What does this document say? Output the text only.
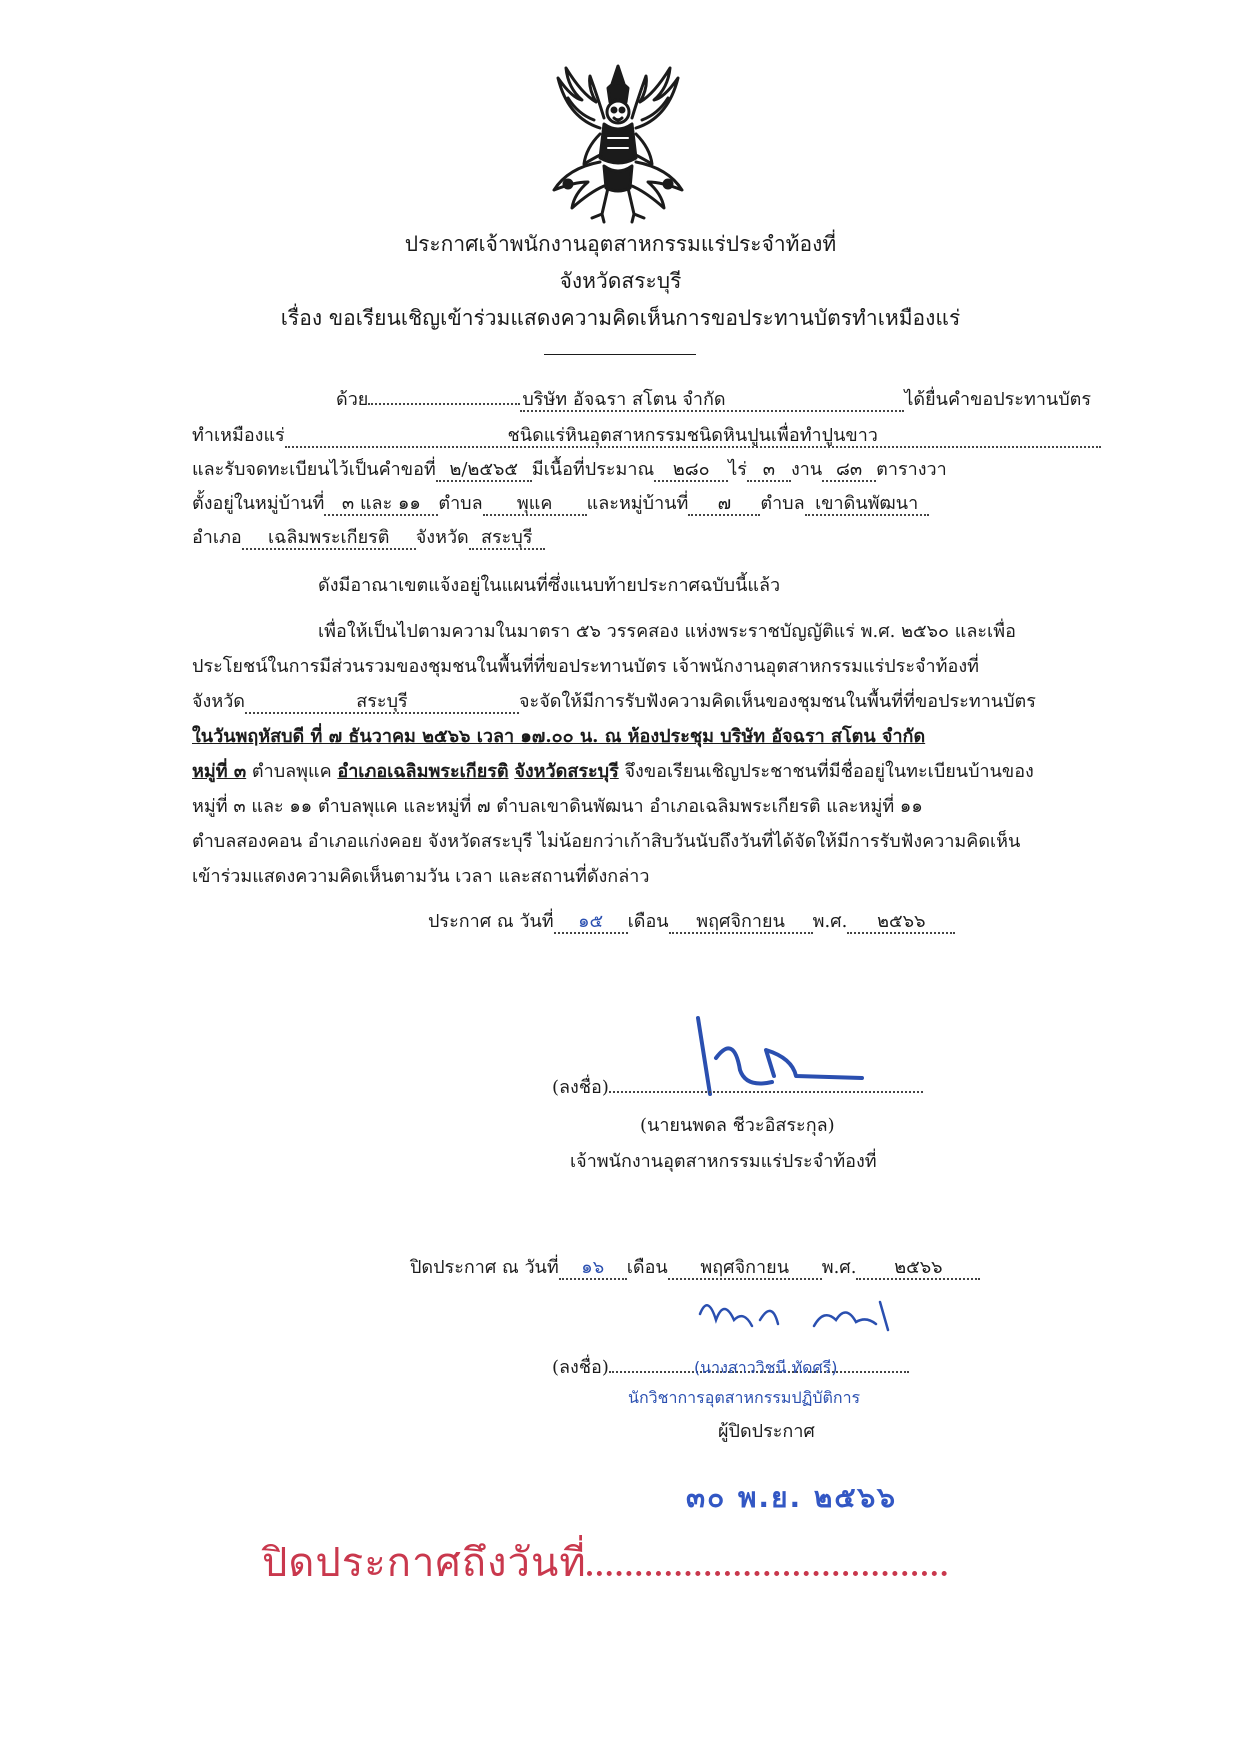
ประกาศเจ้าพนักงานอุตสาหกรรมแร่ประจำท้องที่
จังหวัดสระบุรี
เรื่อง ขอเรียนเชิญเข้าร่วมแสดงความคิดเห็นการขอประทานบัตรทำเหมืองแร่
ด้วย	บริษัท อัจฉรา สโตน จำกัด	ได้ยื่นคำขอประทานบัตร
ทำเหมืองแร่	ชนิดแร่หินอุตสาหกรรมชนิดหินปูนเพื่อทำปูนขาว
และรับจดทะเบียนไว้เป็นคำขอที่ ๒/๒๕๖๕ มีเนื้อที่ประมาณ ๒๘๐ ไร่ ๓ งาน ๘๓ ตารางวา
ตั้งอยู่ในหมู่บ้านที่ ๓ และ ๑๑ ตำบล พุแค และหมู่บ้านที่ ๗ ตำบล เขาดินพัฒนา
อำเภอ เฉลิมพระเกียรติ จังหวัด สระบุรี
ดังมีอาณาเขตแจ้งอยู่ในแผนที่ซึ่งแนบท้ายประกาศฉบับนี้แล้ว
เพื่อให้เป็นไปตามความในมาตรา ๕๖ วรรคสอง แห่งพระราชบัญญัติแร่ พ.ศ. ๒๕๖๐ และเพื่อ
ประโยชน์ในการมีส่วนรวมของชุมชนในพื้นที่ที่ขอประทานบัตร เจ้าพนักงานอุตสาหกรรมแร่ประจำท้องที่
จังหวัด	สระบุรี	จะจัดให้มีการรับฟังความคิดเห็นของชุมชนในพื้นที่ที่ขอประทานบัตร
ในวันพฤหัสบดี ที่ ๗ ธันวาคม ๒๕๖๖ เวลา ๑๗.๐๐ น. ณ ห้องประชุม บริษัท อัจฉรา สโตน จำกัด
หมู่ที่ ๓ ตำบลพุแค อำเภอเฉลิมพระเกียรติ จังหวัดสระบุรี จึงขอเรียนเชิญประชาชนที่มีชื่ออยู่ในทะเบียนบ้านของ
หมู่ที่ ๓ และ ๑๑ ตำบลพุแค และหมู่ที่ ๗ ตำบลเขาดินพัฒนา อำเภอเฉลิมพระเกียรติ และหมู่ที่ ๑๑
ตำบลสองคอน อำเภอแก่งคอย จังหวัดสระบุรี ไม่น้อยกว่าเก้าสิบวันนับถึงวันที่ได้จัดให้มีการรับฟังความคิดเห็น
เข้าร่วมแสดงความคิดเห็นตามวัน เวลา และสถานที่ดังกล่าว
ประกาศ ณ วันที่ ๑๕ เดือน พฤศจิกายน พ.ศ. ๒๕๖๖
(ลงชื่อ)
(นายนพดล ชีวะอิสระกุล)
เจ้าพนักงานอุตสาหกรรมแร่ประจำท้องที่
ปิดประกาศ ณ วันที่ ๑๖ เดือน พฤศจิกายน พ.ศ. ๒๕๖๖
(ลงชื่อ)	(นางสาววิชนี ทัดศรี)
นักวิชาการอุตสาหกรรมปฏิบัติการ
ผู้ปิดประกาศ
๓๐ พ.ย. ๒๕๖๖
ปิดประกาศถึงวันที่
